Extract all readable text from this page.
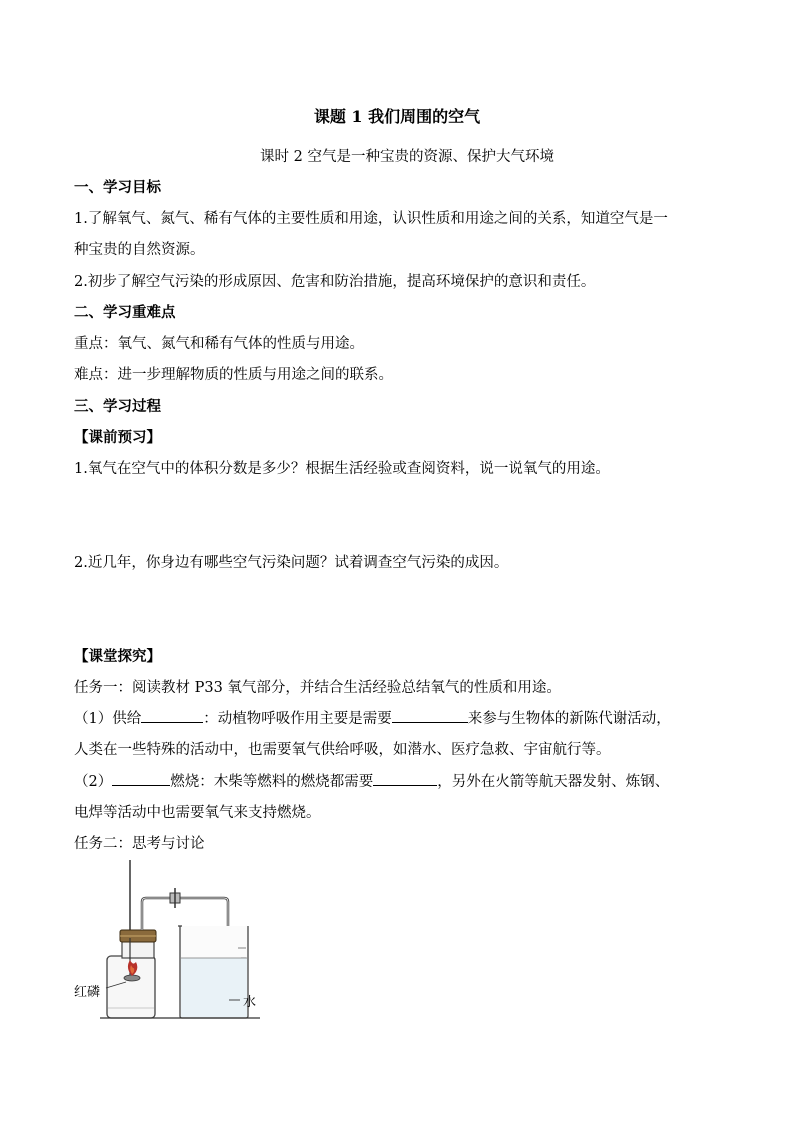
课题 1 我们周围的空气
课时 2 空气是一种宝贵的资源、保护大气环境
一、学习目标
1.了解氧气、氮气、稀有气体的主要性质和用途，认识性质和用途之间的关系，知道空气是一
种宝贵的自然资源。
2.初步了解空气污染的形成原因、危害和防治措施，提高环境保护的意识和责任。
二、学习重难点
重点：氧气、氮气和稀有气体的性质与用途。
难点：进一步理解物质的性质与用途之间的联系。
三、学习过程
【课前预习】
1.氧气在空气中的体积分数是多少？根据生活经验或查阅资料，说一说氧气的用途。
2.近几年，你身边有哪些空气污染问题？试着调查空气污染的成因。
【课堂探究】
任务一：阅读教材 P33 氧气部分，并结合生活经验总结氧气的性质和用途。
（1）供给	：动植物呼吸作用主要是需要	来参与生物体的新陈代谢活动，
人类在一些特殊的活动中，也需要氧气供给呼吸，如潜水、医疗急救、宇宙航行等。
（2）	燃烧：木柴等燃料的燃烧都需要	，另外在火箭等航天器发射、炼钢、
电焊等活动中也需要氧气来支持燃烧。
任务二：思考与讨论
红磷
水
